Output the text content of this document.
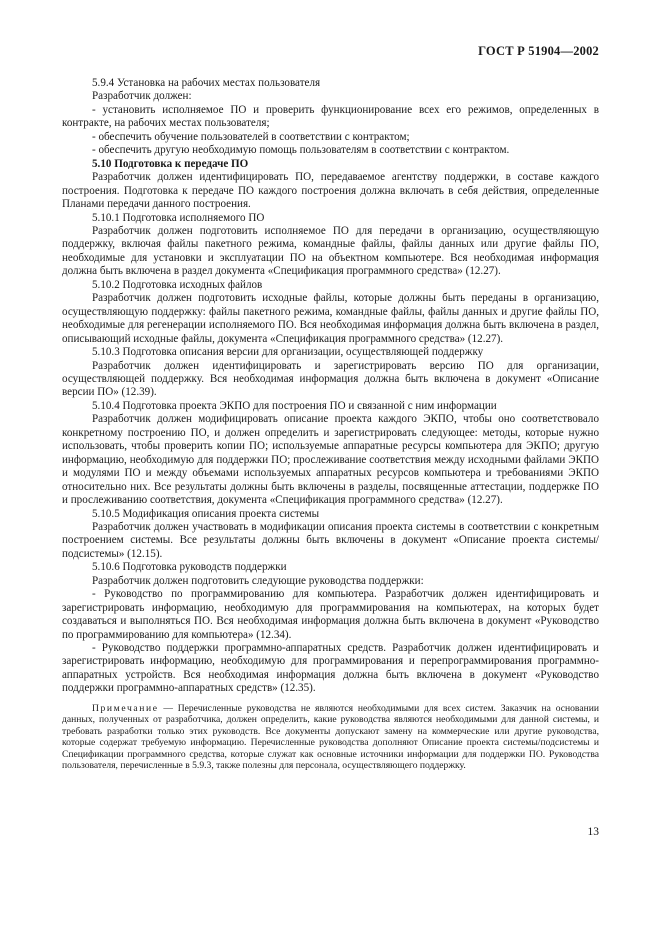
ГОСТ Р 51904—2002

5.9.4 Установка на рабочих местах пользователя

Разработчик должен:

- установить исполняемое ПО и проверить функционирование всех его режимов, определенных в контракте, на рабочих местах пользователя;

- обеспечить обучение пользователей в соответствии с контрактом;

- обеспечить другую необходимую помощь пользователям в соответствии с контрактом.

5.10 Подготовка к передаче ПО

Разработчик должен идентифицировать ПО, передаваемое агентству поддержки, в составе каждого построения. Подготовка к передаче ПО каждого построения должна включать в себя действия, определенные Планами передачи данного построения.

5.10.1 Подготовка исполняемого ПО

Разработчик должен подготовить исполняемое ПО для передачи в организацию, осуществляющую поддержку, включая файлы пакетного режима, командные файлы, файлы данных или другие файлы ПО, необходимые для установки и эксплуатации ПО на объектном компьютере. Вся необходимая информация должна быть включена в раздел документа «Спецификация программного средства» (12.27).

5.10.2 Подготовка исходных файлов

Разработчик должен подготовить исходные файлы, которые должны быть переданы в организацию, осуществляющую поддержку: файлы пакетного режима, командные файлы, файлы данных и другие файлы ПО, необходимые для регенерации исполняемого ПО. Вся необходимая информация должна быть включена в раздел, описывающий исходные файлы, документа «Спецификация программного средства» (12.27).

5.10.3 Подготовка описания версии для организации, осуществляющей поддержку

Разработчик должен идентифицировать и зарегистрировать версию ПО для организации, осуществляющей поддержку. Вся необходимая информация должна быть включена в документ «Описание версии ПО» (12.39).

5.10.4 Подготовка проекта ЭКПО для построения ПО и связанной с ним информации

Разработчик должен модифицировать описание проекта каждого ЭКПО, чтобы оно соответствовало конкретному построению ПО, и должен определить и зарегистрировать следующее: методы, которые нужно использовать, чтобы проверить копии ПО; используемые аппаратные ресурсы компьютера для ЭКПО; другую информацию, необходимую для поддержки ПО; прослеживание соответствия между исходными файлами ЭКПО и модулями ПО и между объемами используемых аппаратных ресурсов компьютера и требованиями ЭКПО относительно них. Все результаты должны быть включены в разделы, посвященные аттестации, поддержке ПО и прослеживанию соответствия, документа «Спецификация программного средства» (12.27).

5.10.5 Модификация описания проекта системы

Разработчик должен участвовать в модификации описания проекта системы в соответствии с конкретным построением системы. Все результаты должны быть включены в документ «Описание проекта системы/подсистемы» (12.15).

5.10.6 Подготовка руководств поддержки

Разработчик должен подготовить следующие руководства поддержки:

- Руководство по программированию для компьютера. Разработчик должен идентифицировать и зарегистрировать информацию, необходимую для программирования на компьютерах, на которых будет создаваться и выполняться ПО. Вся необходимая информация должна быть включена в документ «Руководство по программированию для компьютера» (12.34).

- Руководство поддержки программно-аппаратных средств. Разработчик должен идентифицировать и зарегистрировать информацию, необходимую для программирования и перепрограммирования программно-аппаратных устройств. Вся необходимая информация должна быть включена в документ «Руководство поддержки программно-аппаратных средств» (12.35).

Примечание — Перечисленные руководства не являются необходимыми для всех систем. Заказчик на основании данных, полученных от разработчика, должен определить, какие руководства являются необходимыми для данной системы, и требовать разработки только этих руководств. Все документы допускают замену на коммерческие или другие руководства, которые содержат требуемую информацию. Перечисленные руководства дополняют Описание проекта системы/подсистемы и Спецификации программного средства, которые служат как основные источники информации для поддержки ПО. Руководства пользователя, перечисленные в 5.9.3, также полезны для персонала, осуществляющего поддержку.

13
